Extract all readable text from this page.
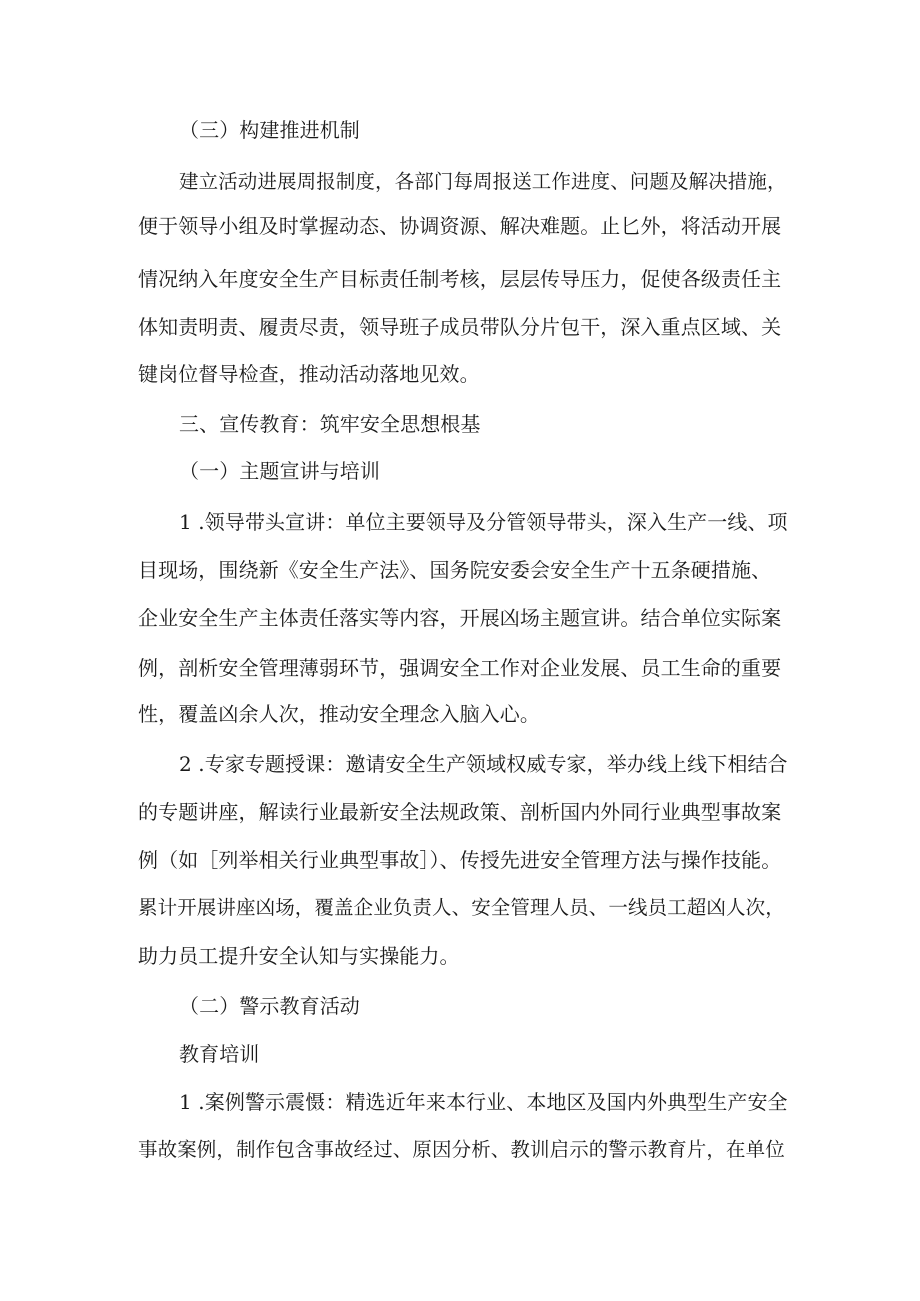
（三）构建推进机制
建立活动进展周报制度，各部门每周报送工作进度、问题及解决措施，
便于领导小组及时掌握动态、协调资源、解决难题。止匕外，将活动开展
情况纳入年度安全生产目标责任制考核，层层传导压力，促使各级责任主
体知责明责、履责尽责，领导班子成员带队分片包干，深入重点区域、关
键岗位督导检查，推动活动落地见效。
三、宣传教育：筑牢安全思想根基
（一）主题宣讲与培训
1 .领导带头宣讲：单位主要领导及分管领导带头，深入生产一线、项
目现场，围绕新《安全生产法》、国务院安委会安全生产十五条硬措施、
企业安全生产主体责任落实等内容，开展凶场主题宣讲。结合单位实际案
例，剖析安全管理薄弱环节，强调安全工作对企业发展、员工生命的重要
性，覆盖凶余人次，推动安全理念入脑入心。
2 .专家专题授课：邀请安全生产领域权威专家，举办线上线下相结合
的专题讲座，解读行业最新安全法规政策、剖析国内外同行业典型事故案
例（如［列举相关行业典型事故］）、传授先进安全管理方法与操作技能。
累计开展讲座凶场，覆盖企业负责人、安全管理人员、一线员工超凶人次，
助力员工提升安全认知与实操能力。
（二）警示教育活动
教育培训
1 .案例警示震慑：精选近年来本行业、本地区及国内外典型生产安全
事故案例，制作包含事故经过、原因分析、教训启示的警示教育片，在单位
